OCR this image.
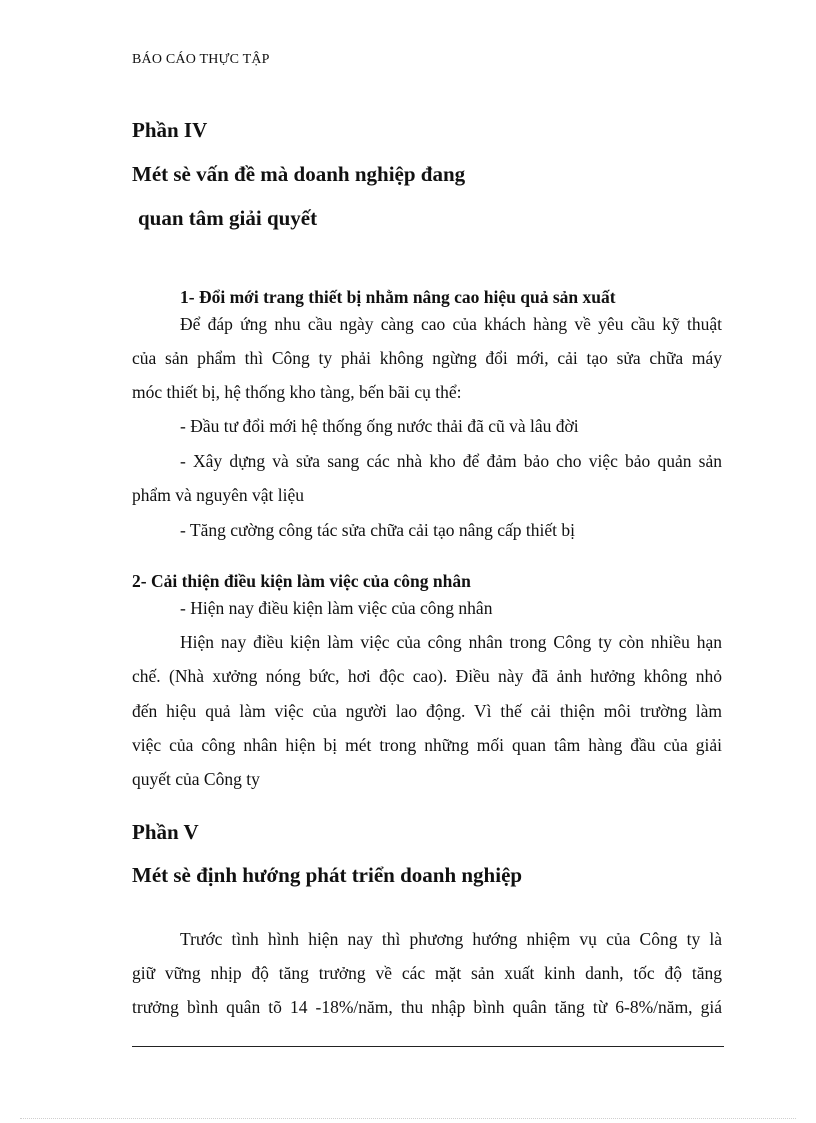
BÁO CÁO THỰC TẬP
Phần IV
Mét sè vấn đề mà doanh nghiệp đang
quan tâm giải quyết
1- Đổi mới trang thiết bị nhằm nâng cao hiệu quả sản xuất
Để đáp ứng nhu cầu ngày càng cao của khách hàng về yêu cầu kỹ thuật
của sản phẩm thì Công ty phải không ngừng đổi mới, cải tạo sửa chữa máy
móc thiết bị, hệ thống kho tàng, bến bãi cụ thể:
- Đầu tư đổi mới hệ thống ống nước thải đã cũ và lâu đời
- Xây dựng và sửa sang các nhà kho để đảm bảo cho việc bảo quản sản
phẩm và nguyên vật liệu
- Tăng cường công tác sửa chữa cải tạo nâng cấp thiết bị
2- Cải thiện điều kiện làm việc của công nhân
- Hiện nay điều kiện làm việc của công nhân
Hiện nay điều kiện làm việc của công nhân trong Công ty còn nhiều hạn
chế. (Nhà xưởng nóng bức, hơi độc cao). Điều này đã ảnh hưởng không nhỏ
đến hiệu quả làm việc của người lao động. Vì thế cải thiện môi trường làm
việc của công nhân hiện bị mét trong những mối quan tâm hàng đầu của giải
quyết của Công ty
Phần V
Mét sè định hướng phát triển doanh nghiệp
Trước tình hình hiện nay thì phương hướng nhiệm vụ của Công ty là
giữ vững nhịp độ tăng trưởng về các mặt sản xuất kinh danh, tốc độ tăng
trưởng bình quân tõ 14 -18%/năm, thu nhập bình quân tăng từ 6-8%/năm, giá
